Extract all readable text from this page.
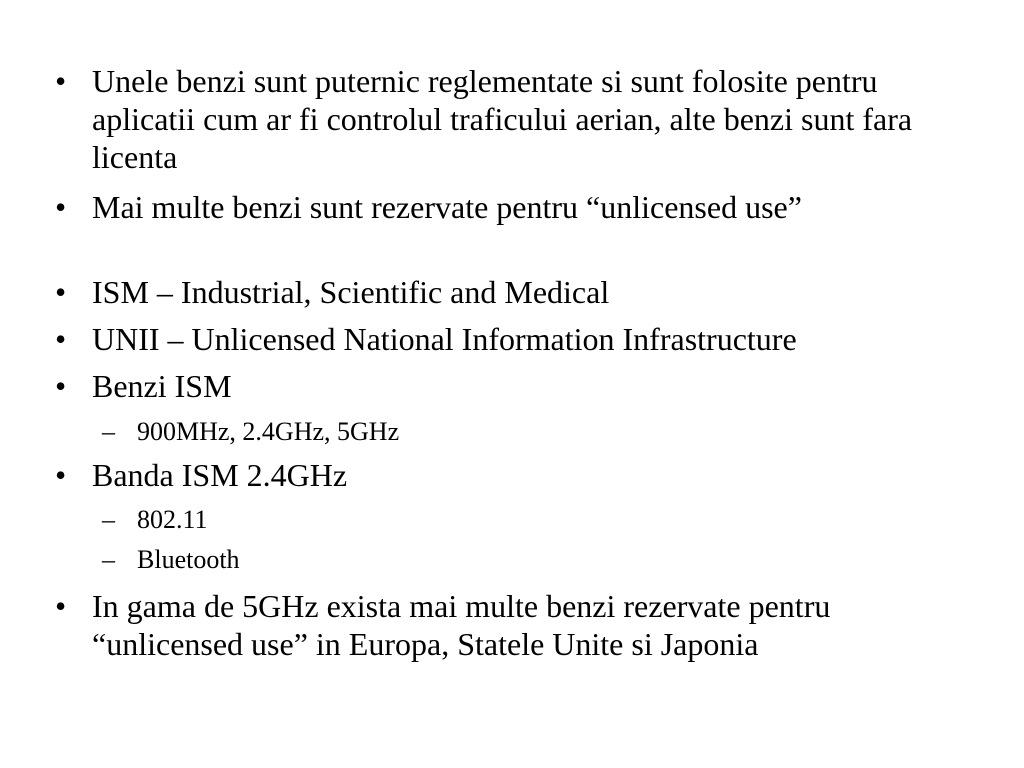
• Unele benzi sunt puternic reglementate si sunt folosite pentru aplicatii cum ar fi controlul traficului aerian, alte benzi sunt fara licenta
• Mai multe benzi sunt rezervate pentru “unlicensed use”
• ISM – Industrial, Scientific and Medical
• UNII – Unlicensed National Information Infrastructure
• Benzi ISM
– 900MHz, 2.4GHz, 5GHz
• Banda ISM 2.4GHz
– 802.11
– Bluetooth
• In gama de 5GHz exista mai multe benzi rezervate pentru “unlicensed use” in Europa, Statele Unite si Japonia
